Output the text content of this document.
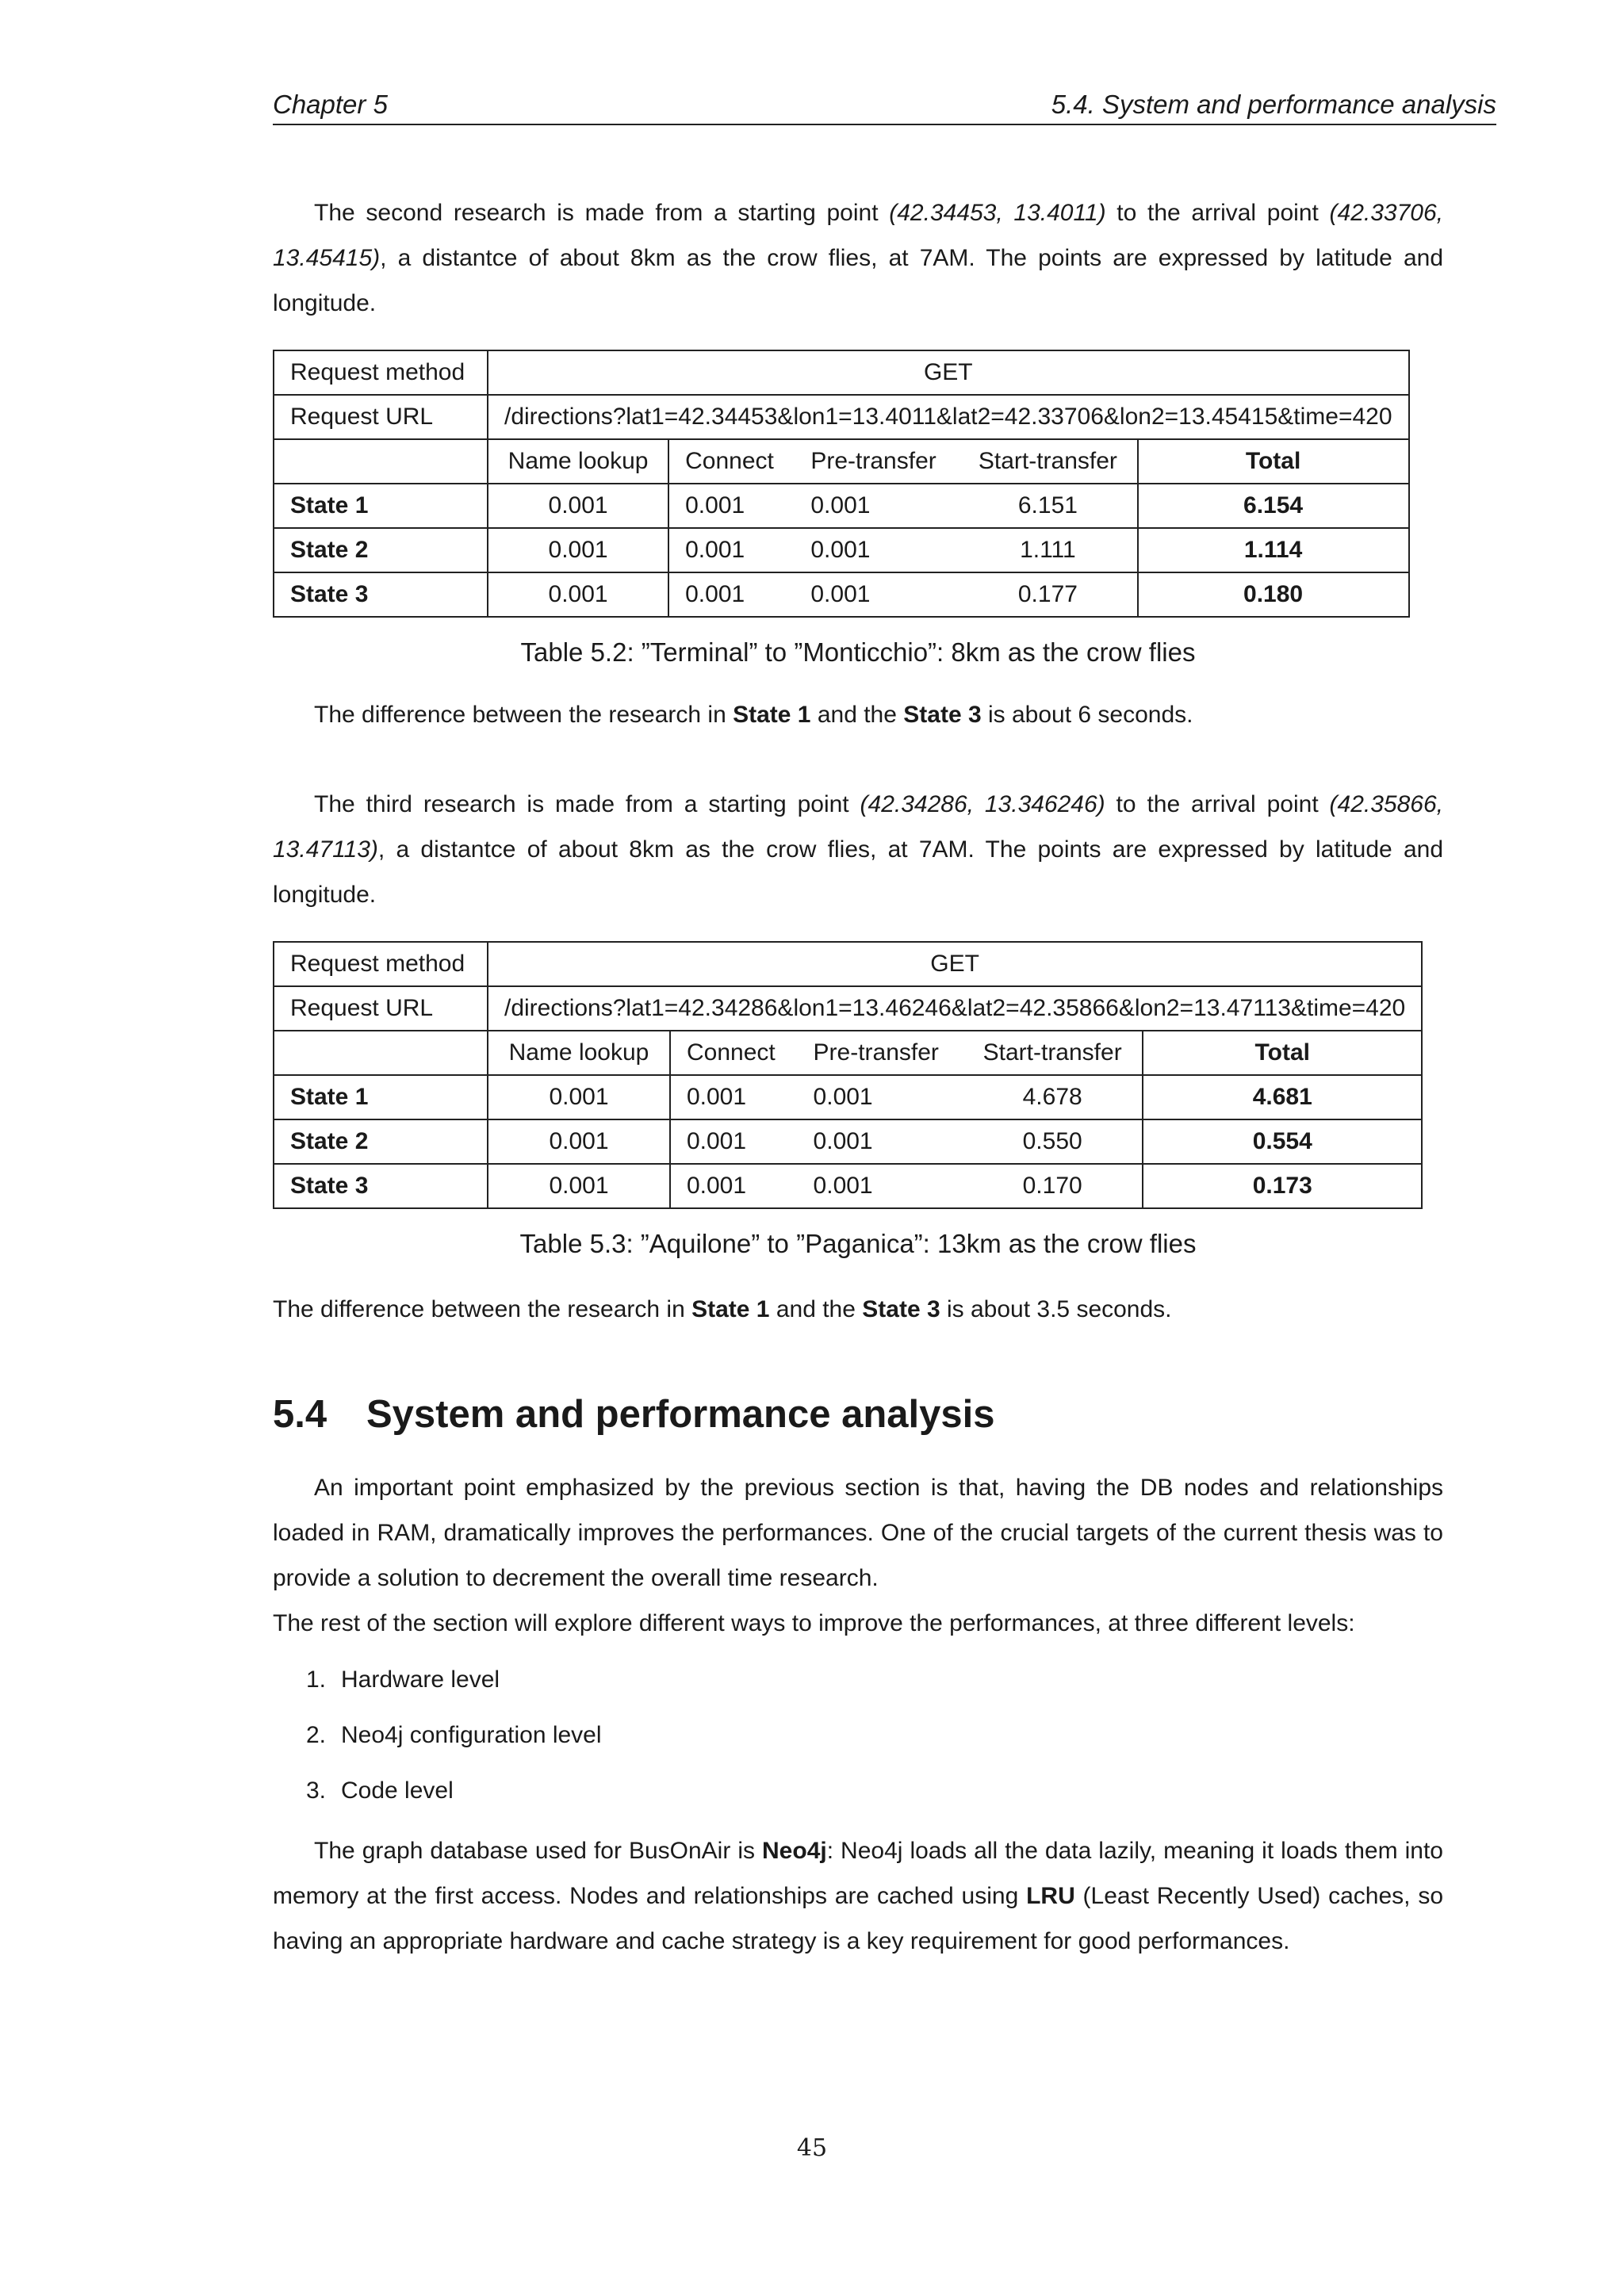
Chapter 5	5.4. System and performance analysis

The second research is made from a starting point (42.34453, 13.4011) to the arrival point (42.33706, 13.45415), a distantce of about 8km as the crow flies, at 7AM. The points are expressed by latitude and longitude.

Request method	GET				
Request URL	/directions?lat1=42.34453&lon1=13.4011&lat2=42.33706&lon2=13.45415&time=420				
	Name lookup	Connect	Pre-transfer	Start-transfer	Total
State 1	0.001	0.001	0.001	6.151	6.154
State 2	0.001	0.001	0.001	1.111	1.114
State 3	0.001	0.001	0.001	0.177	0.180
Table 5.2: ”Terminal” to ”Monticchio”: 8km as the crow flies

The difference between the research in State 1 and the State 3 is about 6 seconds.

The third research is made from a starting point (42.34286, 13.346246) to the arrival point (42.35866, 13.47113), a distantce of about 8km as the crow flies, at 7AM. The points are expressed by latitude and longitude.

Request method	GET				
Request URL	/directions?lat1=42.34286&lon1=13.46246&lat2=42.35866&lon2=13.47113&time=420				
	Name lookup	Connect	Pre-transfer	Start-transfer	Total
State 1	0.001	0.001	0.001	4.678	4.681
State 2	0.001	0.001	0.001	0.550	0.554
State 3	0.001	0.001	0.001	0.170	0.173
Table 5.3: ”Aquilone” to ”Paganica”: 13km as the crow flies

The difference between the research in State 1 and the State 3 is about 3.5 seconds.

5.4 System and performance analysis

An important point emphasized by the previous section is that, having the DB nodes and relationships loaded in RAM, dramatically improves the performances. One of the crucial targets of the current thesis was to provide a solution to decrement the overall time research.

The rest of the section will explore different ways to improve the performances, at three different levels:

1. Hardware level
2. Neo4j configuration level
3. Code level

The graph database used for BusOnAir is Neo4j: Neo4j loads all the data lazily, meaning it loads them into memory at the first access. Nodes and relationships are cached using LRU (Least Recently Used) caches, so having an appropriate hardware and cache strategy is a key requirement for good performances.

45
